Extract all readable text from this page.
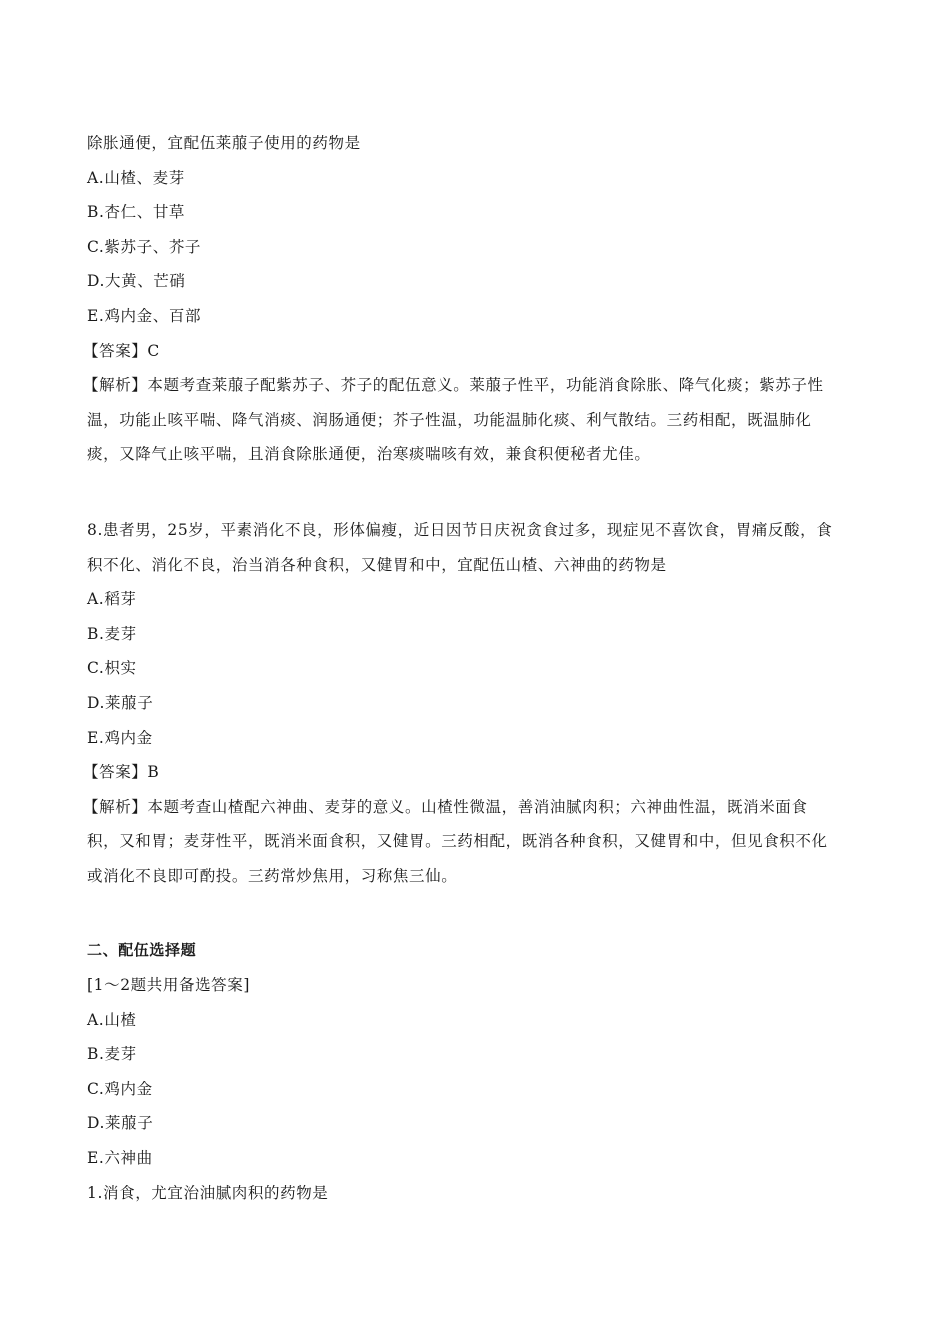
除胀通便，宜配伍莱菔子使用的药物是
A.山楂、麦芽
B.杏仁、甘草
C.紫苏子、芥子
D.大黄、芒硝
E.鸡内金、百部
【答案】C
【解析】本题考查莱菔子配紫苏子、芥子的配伍意义。莱菔子性平，功能消食除胀、降气化痰；紫苏子性
温，功能止咳平喘、降气消痰、润肠通便；芥子性温，功能温肺化痰、利气散结。三药相配，既温肺化
痰，又降气止咳平喘，且消食除胀通便，治寒痰喘咳有效，兼食积便秘者尤佳。
8.患者男，25岁，平素消化不良，形体偏瘦，近日因节日庆祝贪食过多，现症见不喜饮食，胃痛反酸，食
积不化、消化不良，治当消各种食积，又健胃和中，宜配伍山楂、六神曲的药物是
A.稻芽
B.麦芽
C.枳实
D.莱菔子
E.鸡内金
【答案】B
【解析】本题考查山楂配六神曲、麦芽的意义。山楂性微温，善消油腻肉积；六神曲性温，既消米面食
积，又和胃；麦芽性平，既消米面食积，又健胃。三药相配，既消各种食积，又健胃和中，但见食积不化
或消化不良即可酌投。三药常炒焦用，习称焦三仙。
二、配伍选择题
[1～2题共用备选答案]
A.山楂
B.麦芽
C.鸡内金
D.莱菔子
E.六神曲
1.消食，尤宜治油腻肉积的药物是
